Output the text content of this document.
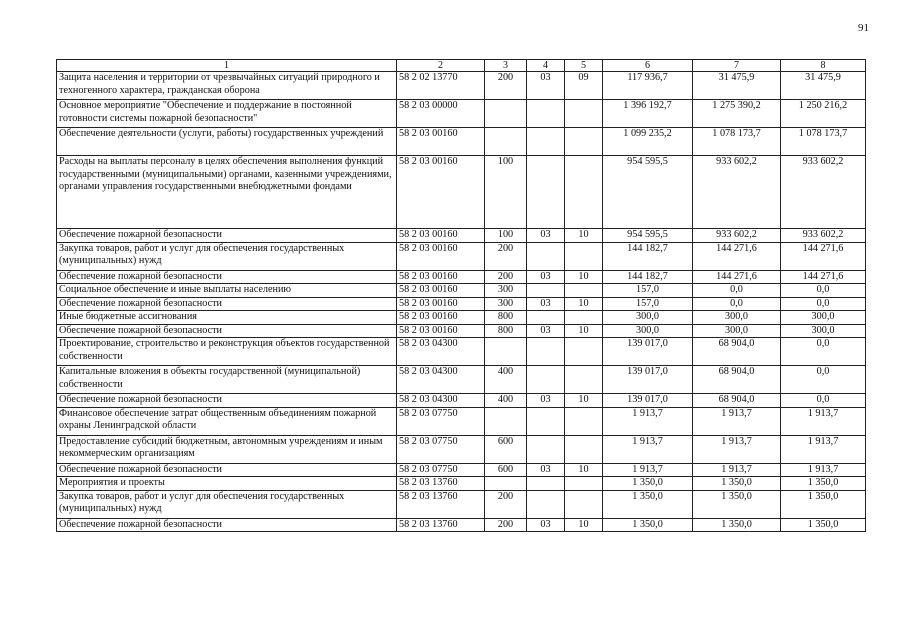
91
1	2	3	4	5	6	7	8
Защита населения и территории от чрезвычайных ситуаций природного и техногенного характера, гражданская оборона	58 2 02 13770	200	03	09	117 936,7	31 475,9	31 475,9
Основное мероприятие "Обеспечение и поддержание в постоянной готовности системы пожарной безопасности"	58 2 03 00000				1 396 192,7	1 275 390,2	1 250 216,2
Обеспечение деятельности (услуги, работы) государственных учреждений	58 2 03 00160				1 099 235,2	1 078 173,7	1 078 173,7
Расходы на выплаты персоналу в целях обеспечения выполнения функций государственными (муниципальными) органами, казенными учреждениями, органами управления государственными внебюджетными фондами	58 2 03 00160	100			954 595,5	933 602,2	933 602,2
Обеспечение пожарной безопасности	58 2 03 00160	100	03	10	954 595,5	933 602,2	933 602,2
Закупка товаров, работ и услуг для обеспечения государственных (муниципальных) нужд	58 2 03 00160	200			144 182,7	144 271,6	144 271,6
Обеспечение пожарной безопасности	58 2 03 00160	200	03	10	144 182,7	144 271,6	144 271,6
Социальное обеспечение и иные выплаты населению	58 2 03 00160	300			157,0	0,0	0,0
Обеспечение пожарной безопасности	58 2 03 00160	300	03	10	157,0	0,0	0,0
Иные бюджетные ассигнования	58 2 03 00160	800			300,0	300,0	300,0
Обеспечение пожарной безопасности	58 2 03 00160	800	03	10	300,0	300,0	300,0
Проектирование, строительство и реконструкция объектов государственной собственности	58 2 03 04300				139 017,0	68 904,0	0,0
Капитальные вложения в объекты государственной (муниципальной) собственности	58 2 03 04300	400			139 017,0	68 904,0	0,0
Обеспечение пожарной безопасности	58 2 03 04300	400	03	10	139 017,0	68 904,0	0,0
Финансовое обеспечение затрат общественным объединениям пожарной охраны Ленинградской области	58 2 03 07750				1 913,7	1 913,7	1 913,7
Предоставление субсидий бюджетным, автономным учреждениям и иным некоммерческим организациям	58 2 03 07750	600			1 913,7	1 913,7	1 913,7
Обеспечение пожарной безопасности	58 2 03 07750	600	03	10	1 913,7	1 913,7	1 913,7
Мероприятия и проекты	58 2 03 13760				1 350,0	1 350,0	1 350,0
Закупка товаров, работ и услуг для обеспечения государственных (муниципальных) нужд	58 2 03 13760	200			1 350,0	1 350,0	1 350,0
Обеспечение пожарной безопасности	58 2 03 13760	200	03	10	1 350,0	1 350,0	1 350,0
